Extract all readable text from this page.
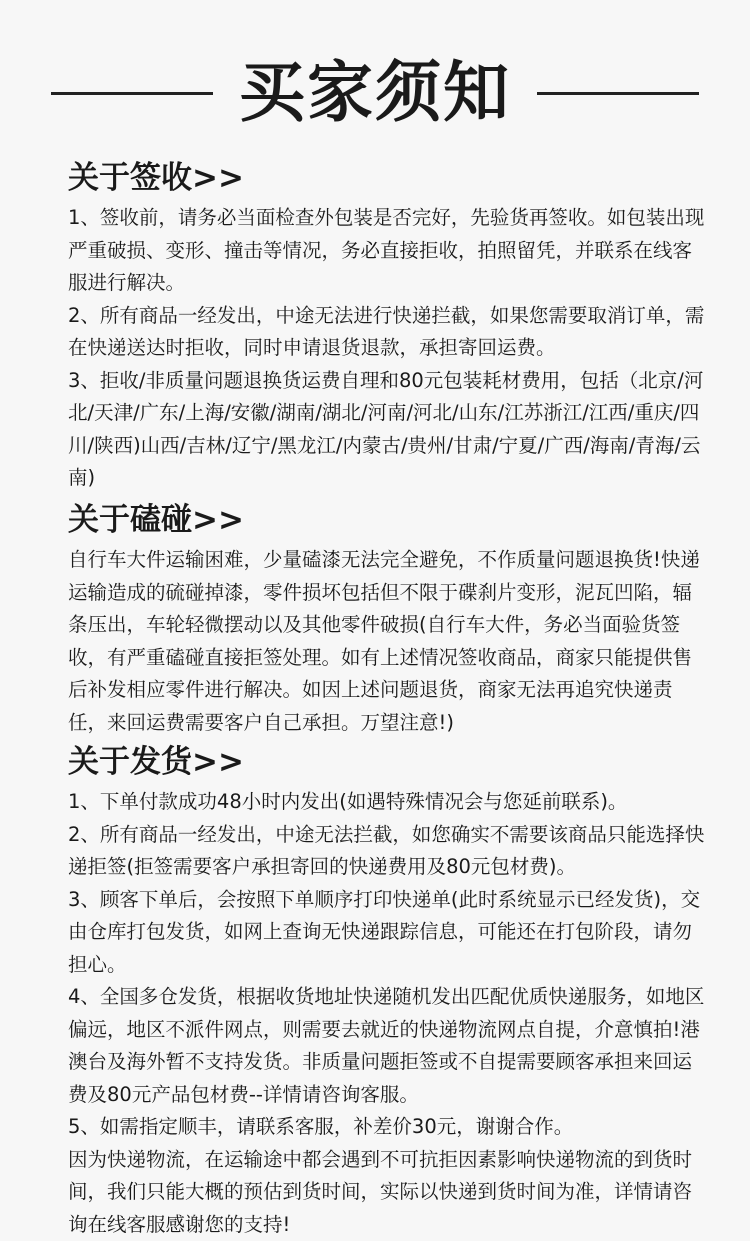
买家须知
关于签收>>

1、签收前，请务必当面检查外包装是否完好，先验货再签收。如包装出现严重破损、变形、撞击等情况，务必直接拒收，拍照留凭，并联系在线客服进行解决。

2、所有商品一经发出，中途无法进行快递拦截，如果您需要取消订单，需在快递送达时拒收，同时申请退货退款，承担寄回运费。

3、拒收/非质量问题退换货运费自理和80元包装耗材费用，包括（北京/河北/天津/广东/上海/安徽/湖南/湖北/河南/河北/山东/江苏浙江/江西/重庆/四川/陕西)山西/吉林/辽宁/黑龙江/内蒙古/贵州/甘肃/宁夏/广西/海南/青海/云南)

关于磕碰>>

自行车大件运输困难，少量磕漆无法完全避免，不作质量问题退换货!快递运输造成的硫碰掉漆，零件损坏包括但不限于碟刹片变形，泥瓦凹陷，辐条压出，车轮轻微摆动以及其他零件破损(自行车大件，务必当面验货签收，有严重磕碰直接拒签处理。如有上述情况签收商品，商家只能提供售后补发相应零件进行解决。如因上述问题退货，商家无法再追究快递责任，来回运费需要客户自己承担。万望注意!)

关于发货>>

1、下单付款成功48小时内发出(如遇特殊情况会与您延前联系)。

2、所有商品一经发出，中途无法拦截，如您确实不需要该商品只能选择快递拒签(拒签需要客户承担寄回的快递费用及80元包材费)。

3、顾客下单后，会按照下单顺序打印快递单(此时系统显示已经发货)，交由仓库打包发货，如网上查询无快递跟踪信息，可能还在打包阶段，请勿担心。

4、全国多仓发货，根据收货地址快递随机发出匹配优质快递服务，如地区偏远，地区不派件网点，则需要去就近的快递物流网点自提，介意慎拍!港澳台及海外暂不支持发货。非质量问题拒签或不自提需要顾客承担来回运费及80元产品包材费--详情请咨询客服。

5、如需指定顺丰，请联系客服，补差价30元，谢谢合作。

因为快递物流，在运输途中都会遇到不可抗拒因素影响快递物流的到货时间，我们只能大概的预估到货时间，实际以快递到货时间为准，详情请咨询在线客服感谢您的支持!
